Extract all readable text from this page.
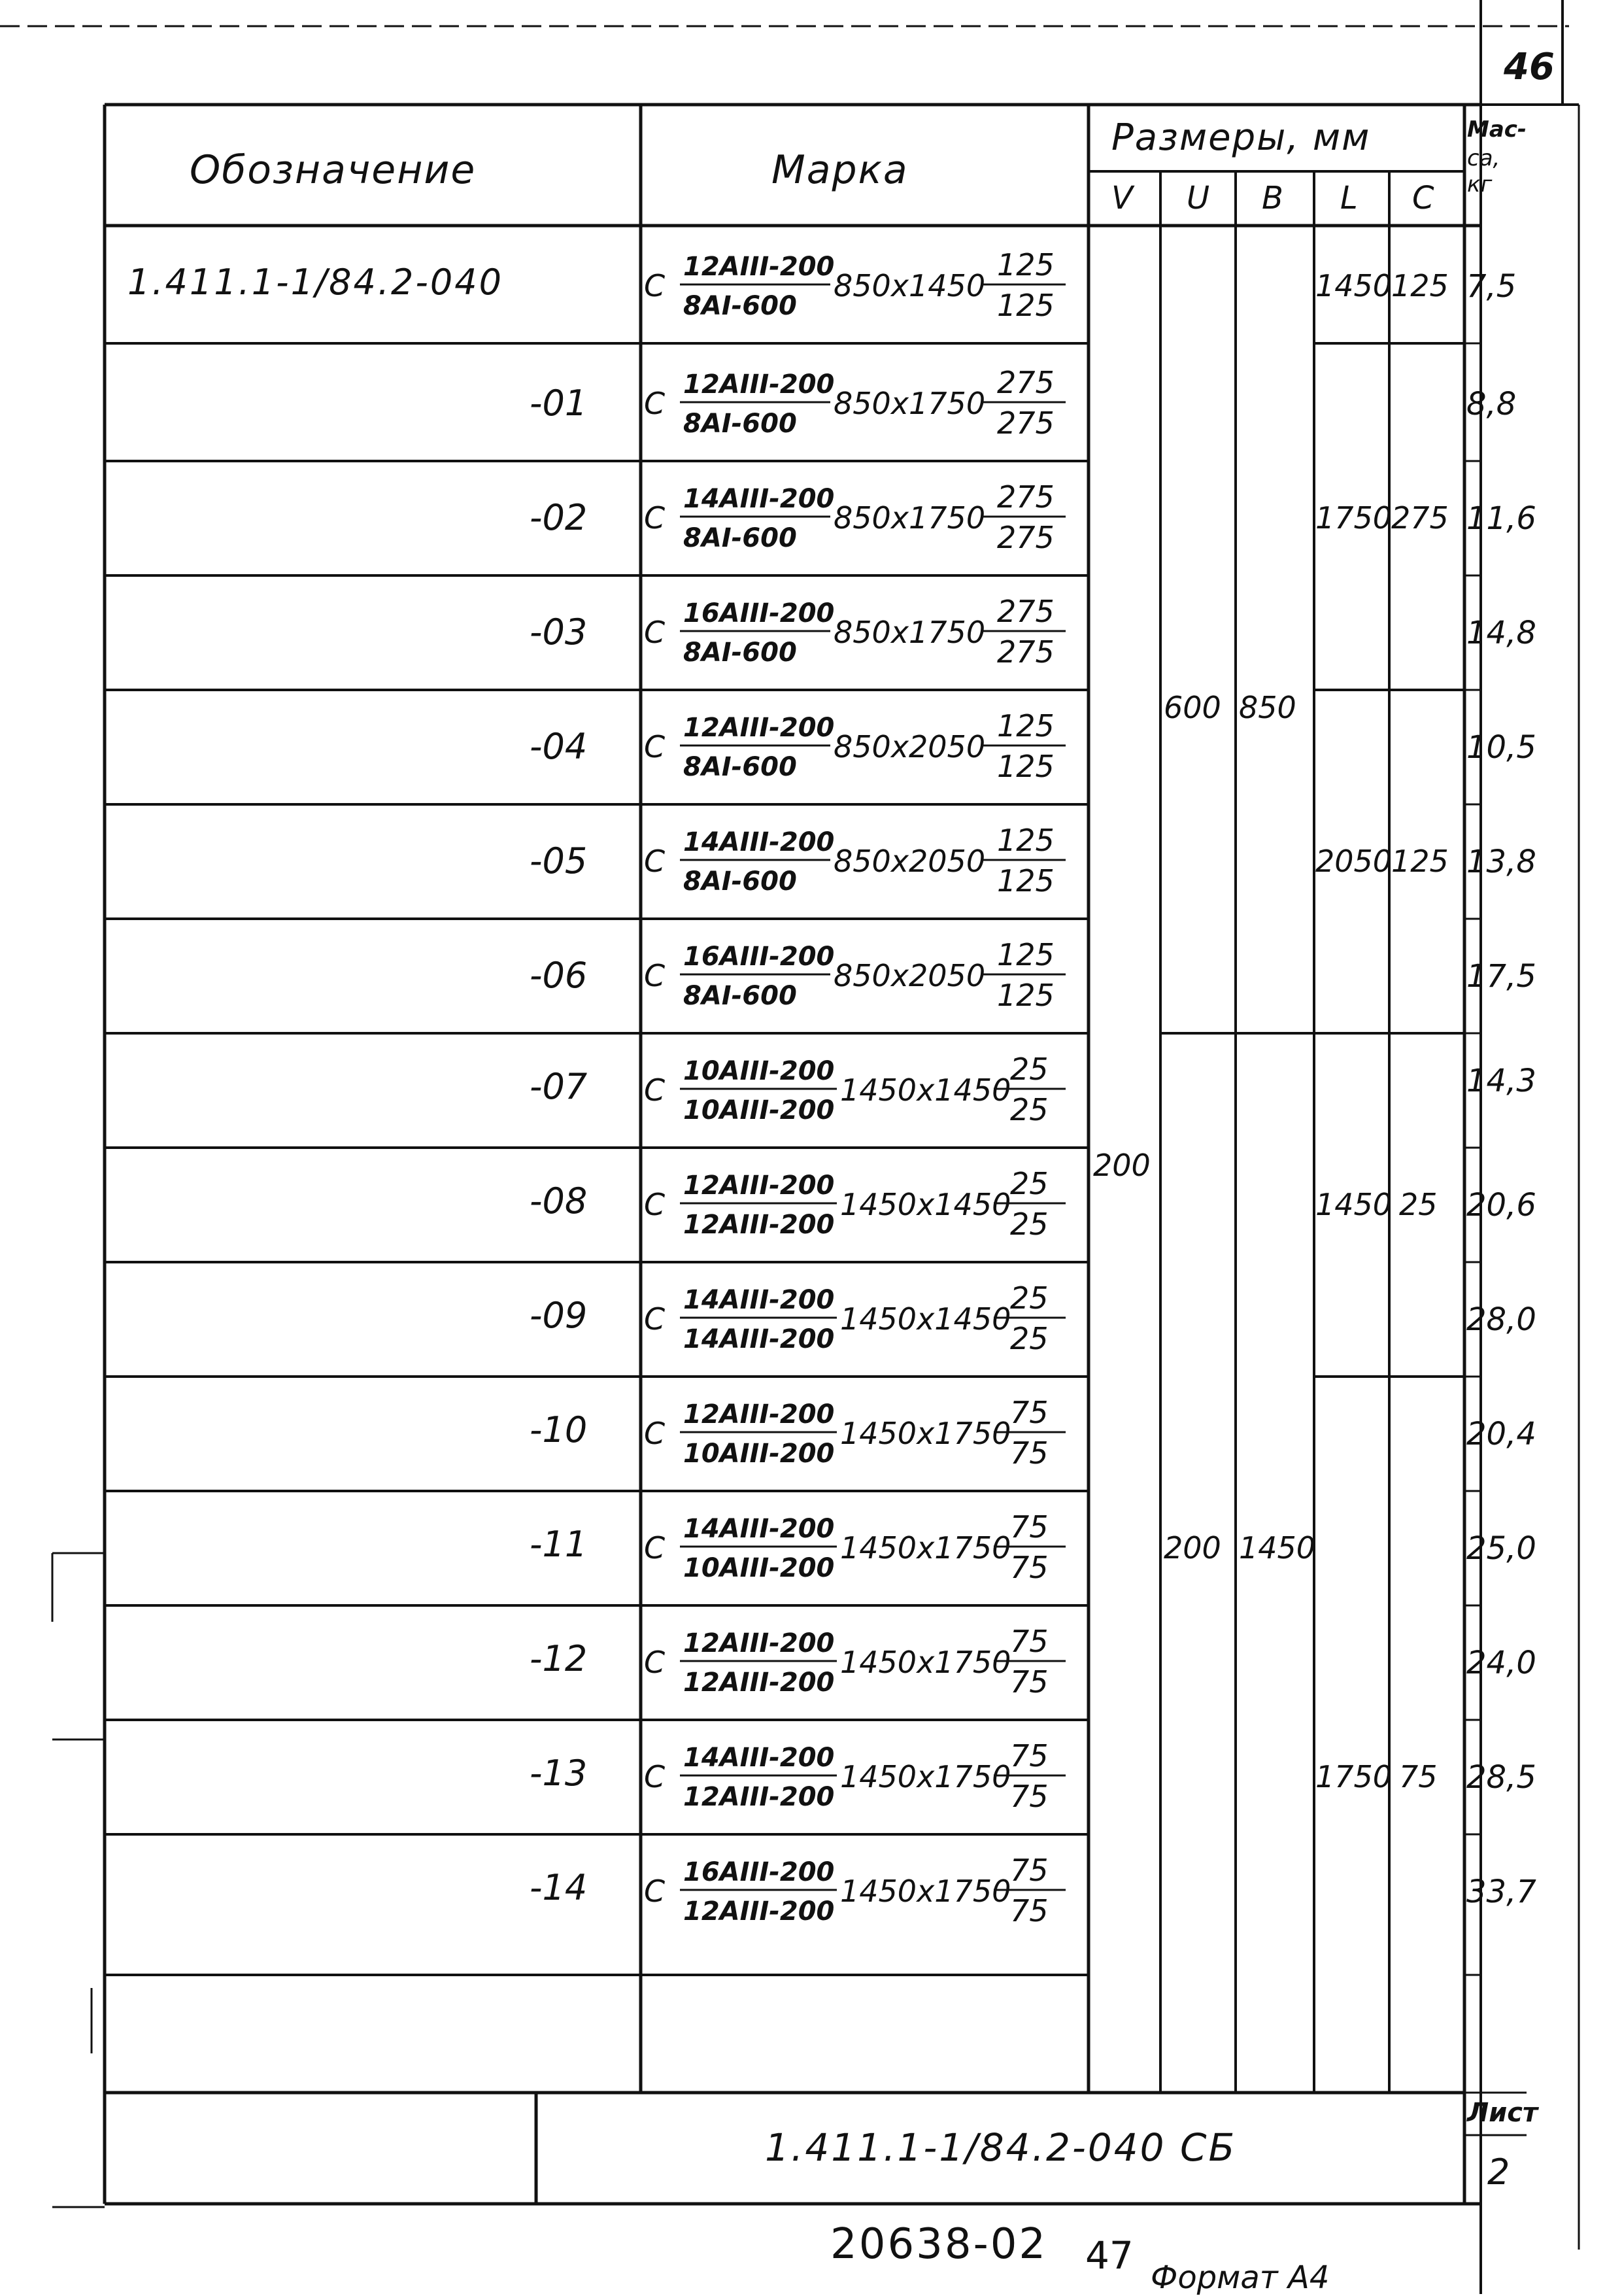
46
Обозначение	Марка
Размеры, мм
V U B L C
Мас-
са,
кг
1.411.1-1/84.2-040
-01
-02
-03
-04
-05
-06
-07
-08
-09
-10
-11
-12
-13
-14
С
12АIII-200
8АI-600
850x1450
125
125
С
12АIII-200
8АI-600
850x1750
275
275
С
14АIII-200
8АI-600
850x1750
275
275
С
16АIII-200
8АI-600
850x1750
275
275
С
12АIII-200
8АI-600
850x2050
125
125
С
14АIII-200
8АI-600
850x2050
125
125
С
16АIII-200
8АI-600
850x2050
125
125
С
10АIII-200
10АIII-200
1450x1450
25
25
С
12АIII-200
12АIII-200
1450x1450
25
25
С
14АIII-200
14АIII-200
1450x1450
25
25
С
12АIII-200
10АIII-200
1450x1750
75
75
С
14АIII-200
10АIII-200
1450x1750
75
75
С
12АIII-200
12АIII-200
1450x1750
75
75
С
14АIII-200
12АIII-200
1450x1750
75
75
С
16АIII-200
12АIII-200
1450x1750
75
75
200
600 850
200 1450
1450
125
1750
275
2050
125
1450 25
1750 75
7,5
8,8
11,6
14,8
10,5
13,8
17,5
14,3
20,6
28,0
20,4
25,0
24,0
28,5
33,7
1.411.1-1/84.2-040 СБ
Лист
2
20638-02 47 Формат А4
